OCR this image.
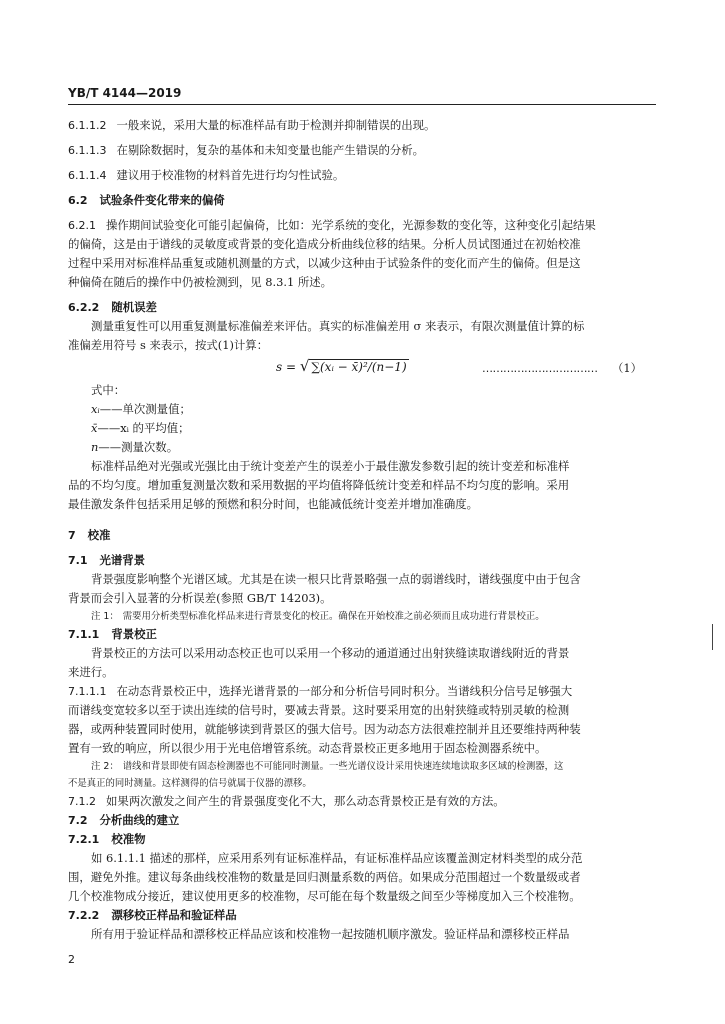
YB/T 4144—2019
6.1.1.2 一般来说，采用大量的标准样品有助于检测并抑制错误的出现。
6.1.1.3 在剔除数据时，复杂的基体和未知变量也能产生错误的分析。
6.1.1.4 建议用于校准物的材料首先进行均匀性试验。
6.2 试验条件变化带来的偏倚
6.2.1 操作期间试验变化可能引起偏倚，比如：光学系统的变化，光源参数的变化等，这种变化引起结果
的偏倚，这是由于谱线的灵敏度或背景的变化造成分析曲线位移的结果。分析人员试图通过在初始校准
过程中采用对标准样品重复或随机测量的方式，以减少这种由于试验条件的变化而产生的偏倚。但是这
种偏倚在随后的操作中仍被检测到，见 8.3.1 所述。
6.2.2 随机误差
测量重复性可以用重复测量标准偏差来评估。真实的标准偏差用 σ 来表示，有限次测量值计算的标
准偏差用符号 s 来表示，按式(1)计算：
s = √ ∑(xᵢ − x̄)²/(n−1)	…………………………… （1）
式中：
xᵢ——单次测量值；
x̄——xᵢ 的平均值；
n——测量次数。
标准样品绝对光强或光强比由于统计变差产生的误差小于最佳激发参数引起的统计变差和标准样
品的不均匀度。增加重复测量次数和采用数据的平均值将降低统计变差和样品不均匀度的影响。采用
最佳激发条件包括采用足够的预燃和积分时间，也能减低统计变差并增加准确度。
7 校准
7.1 光谱背景
背景强度影响整个光谱区域。尤其是在读一根只比背景略强一点的弱谱线时，谱线强度中由于包含
背景而会引入显著的分析误差(参照 GB/T 14203)。
注 1： 需要用分析类型标准化样品来进行背景变化的校正。确保在开始校准之前必须而且成功进行背景校正。
7.1.1 背景校正
背景校正的方法可以采用动态校正也可以采用一个移动的通道通过出射狭缝读取谱线附近的背景
来进行。
7.1.1.1 在动态背景校正中，选择光谱背景的一部分和分析信号同时积分。当谱线积分信号足够强大
而谱线变宽较多以至于读出连续的信号时，要减去背景。这时要采用宽的出射狭缝或特别灵敏的检测
器，或两种装置同时使用，就能够读到背景区的强大信号。因为动态方法很难控制并且还要维持两种装
置有一致的响应，所以很少用于光电倍增管系统。动态背景校正更多地用于固态检测器系统中。
注 2： 谱线和背景即使有固态检测器也不可能同时测量。一些光谱仪设计采用快速连续地读取多区域的检测器，这
不是真正的同时测量。这样测得的信号就属于仪器的漂移。
7.1.2 如果两次激发之间产生的背景强度变化不大，那么动态背景校正是有效的方法。
7.2 分析曲线的建立
7.2.1 校准物
如 6.1.1.1 描述的那样，应采用系列有证标准样品，有证标准样品应该覆盖测定材料类型的成分范
围，避免外推。建议每条曲线校准物的数量是回归测量系数的两倍。如果成分范围超过一个数量级或者
几个校准物成分接近，建议使用更多的校准物，尽可能在每个数量级之间至少等梯度加入三个校准物。
7.2.2 漂移校正样品和验证样品
所有用于验证样品和漂移校正样品应该和校准物一起按随机顺序激发。验证样品和漂移校正样品
2
